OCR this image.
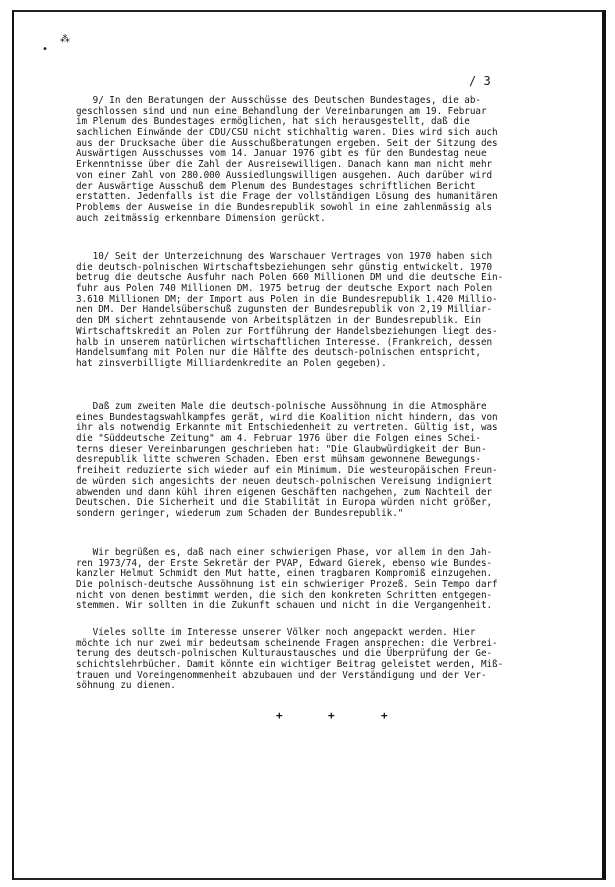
•
⁂
/ 3
9/ In den Beratungen der Ausschüsse des Deutschen Bundestages, die ab-
geschlossen sind und nun eine Behandlung der Vereinbarungen am 19. Februar
im Plenum des Bundestages ermöglichen, hat sich herausgestellt, daß die
sachlichen Einwände der CDU/CSU nicht stichhaltig waren. Dies wird sich auch
aus der Drucksache über die Ausschußberatungen ergeben. Seit der Sitzung des
Auswärtigen Ausschusses vom 14. Januar 1976 gibt es für den Bundestag neue
Erkenntnisse über die Zahl der Ausreisewilligen. Danach kann man nicht mehr
von einer Zahl von 280.000 Aussiedlungswilligen ausgehen. Auch darüber wird
der Auswärtige Ausschuß dem Plenum des Bundestages schriftlichen Bericht
erstatten. Jedenfalls ist die Frage der vollständigen Lösung des humanitären
Problems der Ausweise in die Bundesrepublik sowohl in eine zahlenmässig als
auch zeitmässig erkennbare Dimension gerückt.
10/ Seit der Unterzeichnung des Warschauer Vertrages von 1970 haben sich
die deutsch-polnischen Wirtschaftsbeziehungen sehr günstig entwickelt. 1970
betrug die deutsche Ausfuhr nach Polen 660 Millionen DM und die deutsche Ein-
fuhr aus Polen 740 Millionen DM. 1975 betrug der deutsche Export nach Polen
3.610 Millionen DM; der Import aus Polen in die Bundesrepublik 1.420 Millio-
nen DM. Der Handelsüberschuß zugunsten der Bundesrepublik von 2,19 Milliar-
den DM sichert zehntausende von Arbeitsplätzen in der Bundesrepublik. Ein
Wirtschaftskredit an Polen zur Fortführung der Handelsbeziehungen liegt des-
halb in unserem natürlichen wirtschaftlichen Interesse. (Frankreich, dessen
Handelsumfang mit Polen nur die Hälfte des deutsch-polnischen entspricht,
hat zinsverbilligte Milliardenkredite an Polen gegeben).
Daß zum zweiten Male die deutsch-polnische Aussöhnung in die Atmosphäre
eines Bundestagswahlkampfes gerät, wird die Koalition nicht hindern, das von
ihr als notwendig Erkannte mit Entschiedenheit zu vertreten. Gültig ist, was
die "Süddeutsche Zeitung" am 4. Februar 1976 über die Folgen eines Schei-
terns dieser Vereinbarungen geschrieben hat: "Die Glaubwürdigkeit der Bun-
desrepublik litte schweren Schaden. Eben erst mühsam gewonnene Bewegungs-
freiheit reduzierte sich wieder auf ein Minimum. Die westeuropäischen Freun-
de würden sich angesichts der neuen deutsch-polnischen Vereisung indigniert
abwenden und dann kühl ihren eigenen Geschäften nachgehen, zum Nachteil der
Deutschen. Die Sicherheit und die Stabilität in Europa würden nicht größer,
sondern geringer, wiederum zum Schaden der Bundesrepublik."
Wir begrüßen es, daß nach einer schwierigen Phase, vor allem in den Jah-
ren 1973/74, der Erste Sekretär der PVAP, Edward Gierek, ebenso wie Bundes-
kanzler Helmut Schmidt den Mut hatte, einen tragbaren Kompromiß einzugehen.
Die polnisch-deutsche Aussöhnung ist ein schwieriger Prozeß. Sein Tempo darf
nicht von denen bestimmt werden, die sich den konkreten Schritten entgegen-
stemmen. Wir sollten in die Zukunft schauen und nicht in die Vergangenheit.
Vieles sollte im Interesse unserer Völker noch angepackt werden. Hier
möchte ich nur zwei mir bedeutsam scheinende Fragen ansprechen: die Verbrei-
terung des deutsch-polnischen Kulturaustausches und die Überprüfung der Ge-
schichtslehrbücher. Damit könnte ein wichtiger Beitrag geleistet werden, Miß-
trauen und Voreingenommenheit abzubauen und der Verständigung und der Ver-
söhnung zu dienen.
+	+	+
